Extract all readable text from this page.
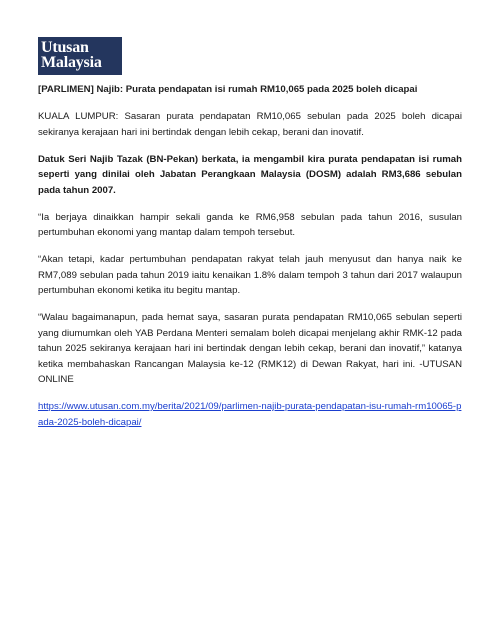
Utusan
Malaysia

[PARLIMEN] Najib: Purata pendapatan isi rumah RM10,065 pada 2025 boleh dicapai

KUALA LUMPUR: Sasaran purata pendapatan RM10,065 sebulan pada 2025 boleh dicapai sekiranya kerajaan hari ini bertindak dengan lebih cekap, berani dan inovatif.

Datuk Seri Najib Tazak (BN-Pekan) berkata, ia mengambil kira purata pendapatan isi rumah seperti yang dinilai oleh Jabatan Perangkaan Malaysia (DOSM) adalah RM3,686 sebulan pada tahun 2007.

“Ia berjaya dinaikkan hampir sekali ganda ke RM6,958 sebulan pada tahun 2016, susulan pertumbuhan ekonomi yang mantap dalam tempoh tersebut.

“Akan tetapi, kadar pertumbuhan pendapatan rakyat telah jauh menyusut dan hanya naik ke RM7,089 sebulan pada tahun 2019 iaitu kenaikan 1.8% dalam tempoh 3 tahun dari 2017 walaupun pertumbuhan ekonomi ketika itu begitu mantap.

“Walau bagaimanapun, pada hemat saya, sasaran purata pendapatan RM10,065 sebulan seperti yang diumumkan oleh YAB Perdana Menteri semalam boleh dicapai menjelang akhir RMK-12 pada tahun 2025 sekiranya kerajaan hari ini bertindak dengan lebih cekap, berani dan inovatif,” katanya ketika membahaskan Rancangan Malaysia ke-12 (RMK12) di Dewan Rakyat, hari ini. -UTUSAN ONLINE

https://www.utusan.com.my/berita/2021/09/parlimen-najib-purata-pendapatan-isu-rumah-rm10065-pada-2025-boleh-dicapai/
